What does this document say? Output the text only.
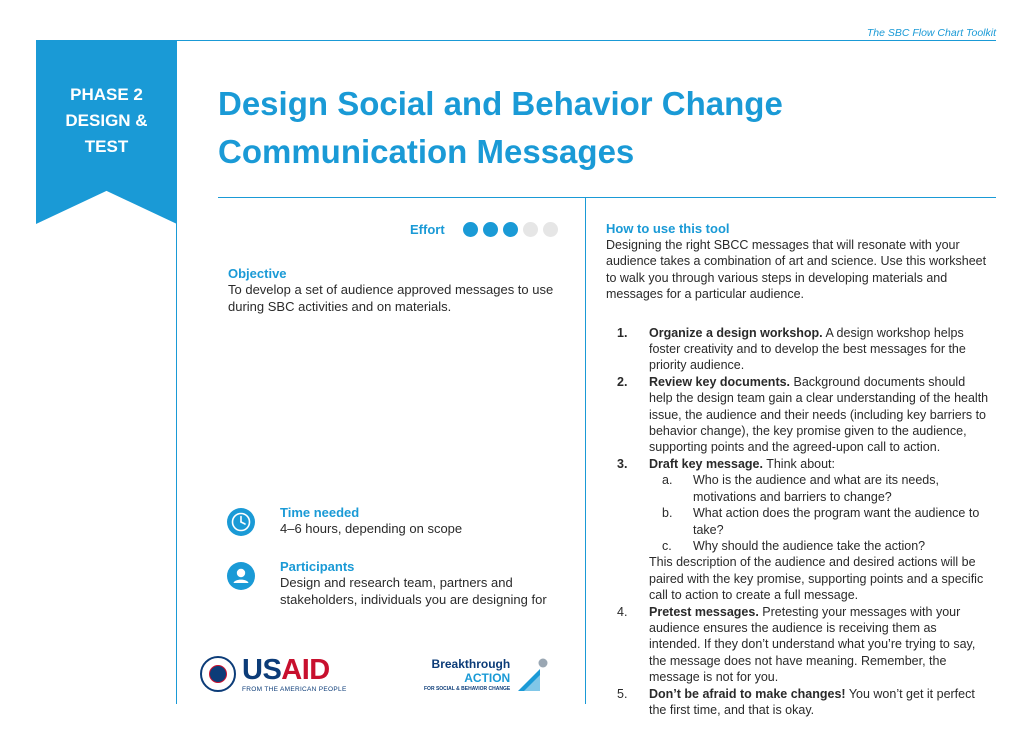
The SBC Flow Chart Toolkit
PHASE 2
DESIGN &
TEST
Design Social and Behavior Change
Communication Messages
Effort
Objective
To develop a set of audience approved messages to use during SBC activities and on materials.
Time needed
4–6 hours, depending on scope
Participants
Design and research team, partners and stakeholders, individuals you are designing for
USAID
FROM THE AMERICAN PEOPLE
Breakthrough
ACTION
FOR SOCIAL & BEHAVIOR CHANGE
How to use this tool
Designing the right SBCC messages that will resonate with your audience takes a combination of art and science. Use this worksheet to walk you through various steps in developing materials and messages for a particular audience.
1. Organize a design workshop. A design workshop helps foster creativity and to develop the best messages for the priority audience.
2. Review key documents. Background documents should help the design team gain a clear understanding of the health issue, the audience and their needs (including key barriers to behavior change), the key promise given to the audience, supporting points and the agreed-upon call to action.
3. Draft key message. Think about:
a. Who is the audience and what are its needs, motivations and barriers to change?
b. What action does the program want the audience to take?
c. Why should the audience take the action?
This description of the audience and desired actions will be paired with the key promise, supporting points and a specific call to action to create a full message.
4. Pretest messages. Pretesting your messages with your audience ensures the audience is receiving them as intended. If they don’t understand what you’re trying to say, the message does not have meaning. Remember, the message is not for you.
5. Don’t be afraid to make changes! You won’t get it perfect the first time, and that is okay.
